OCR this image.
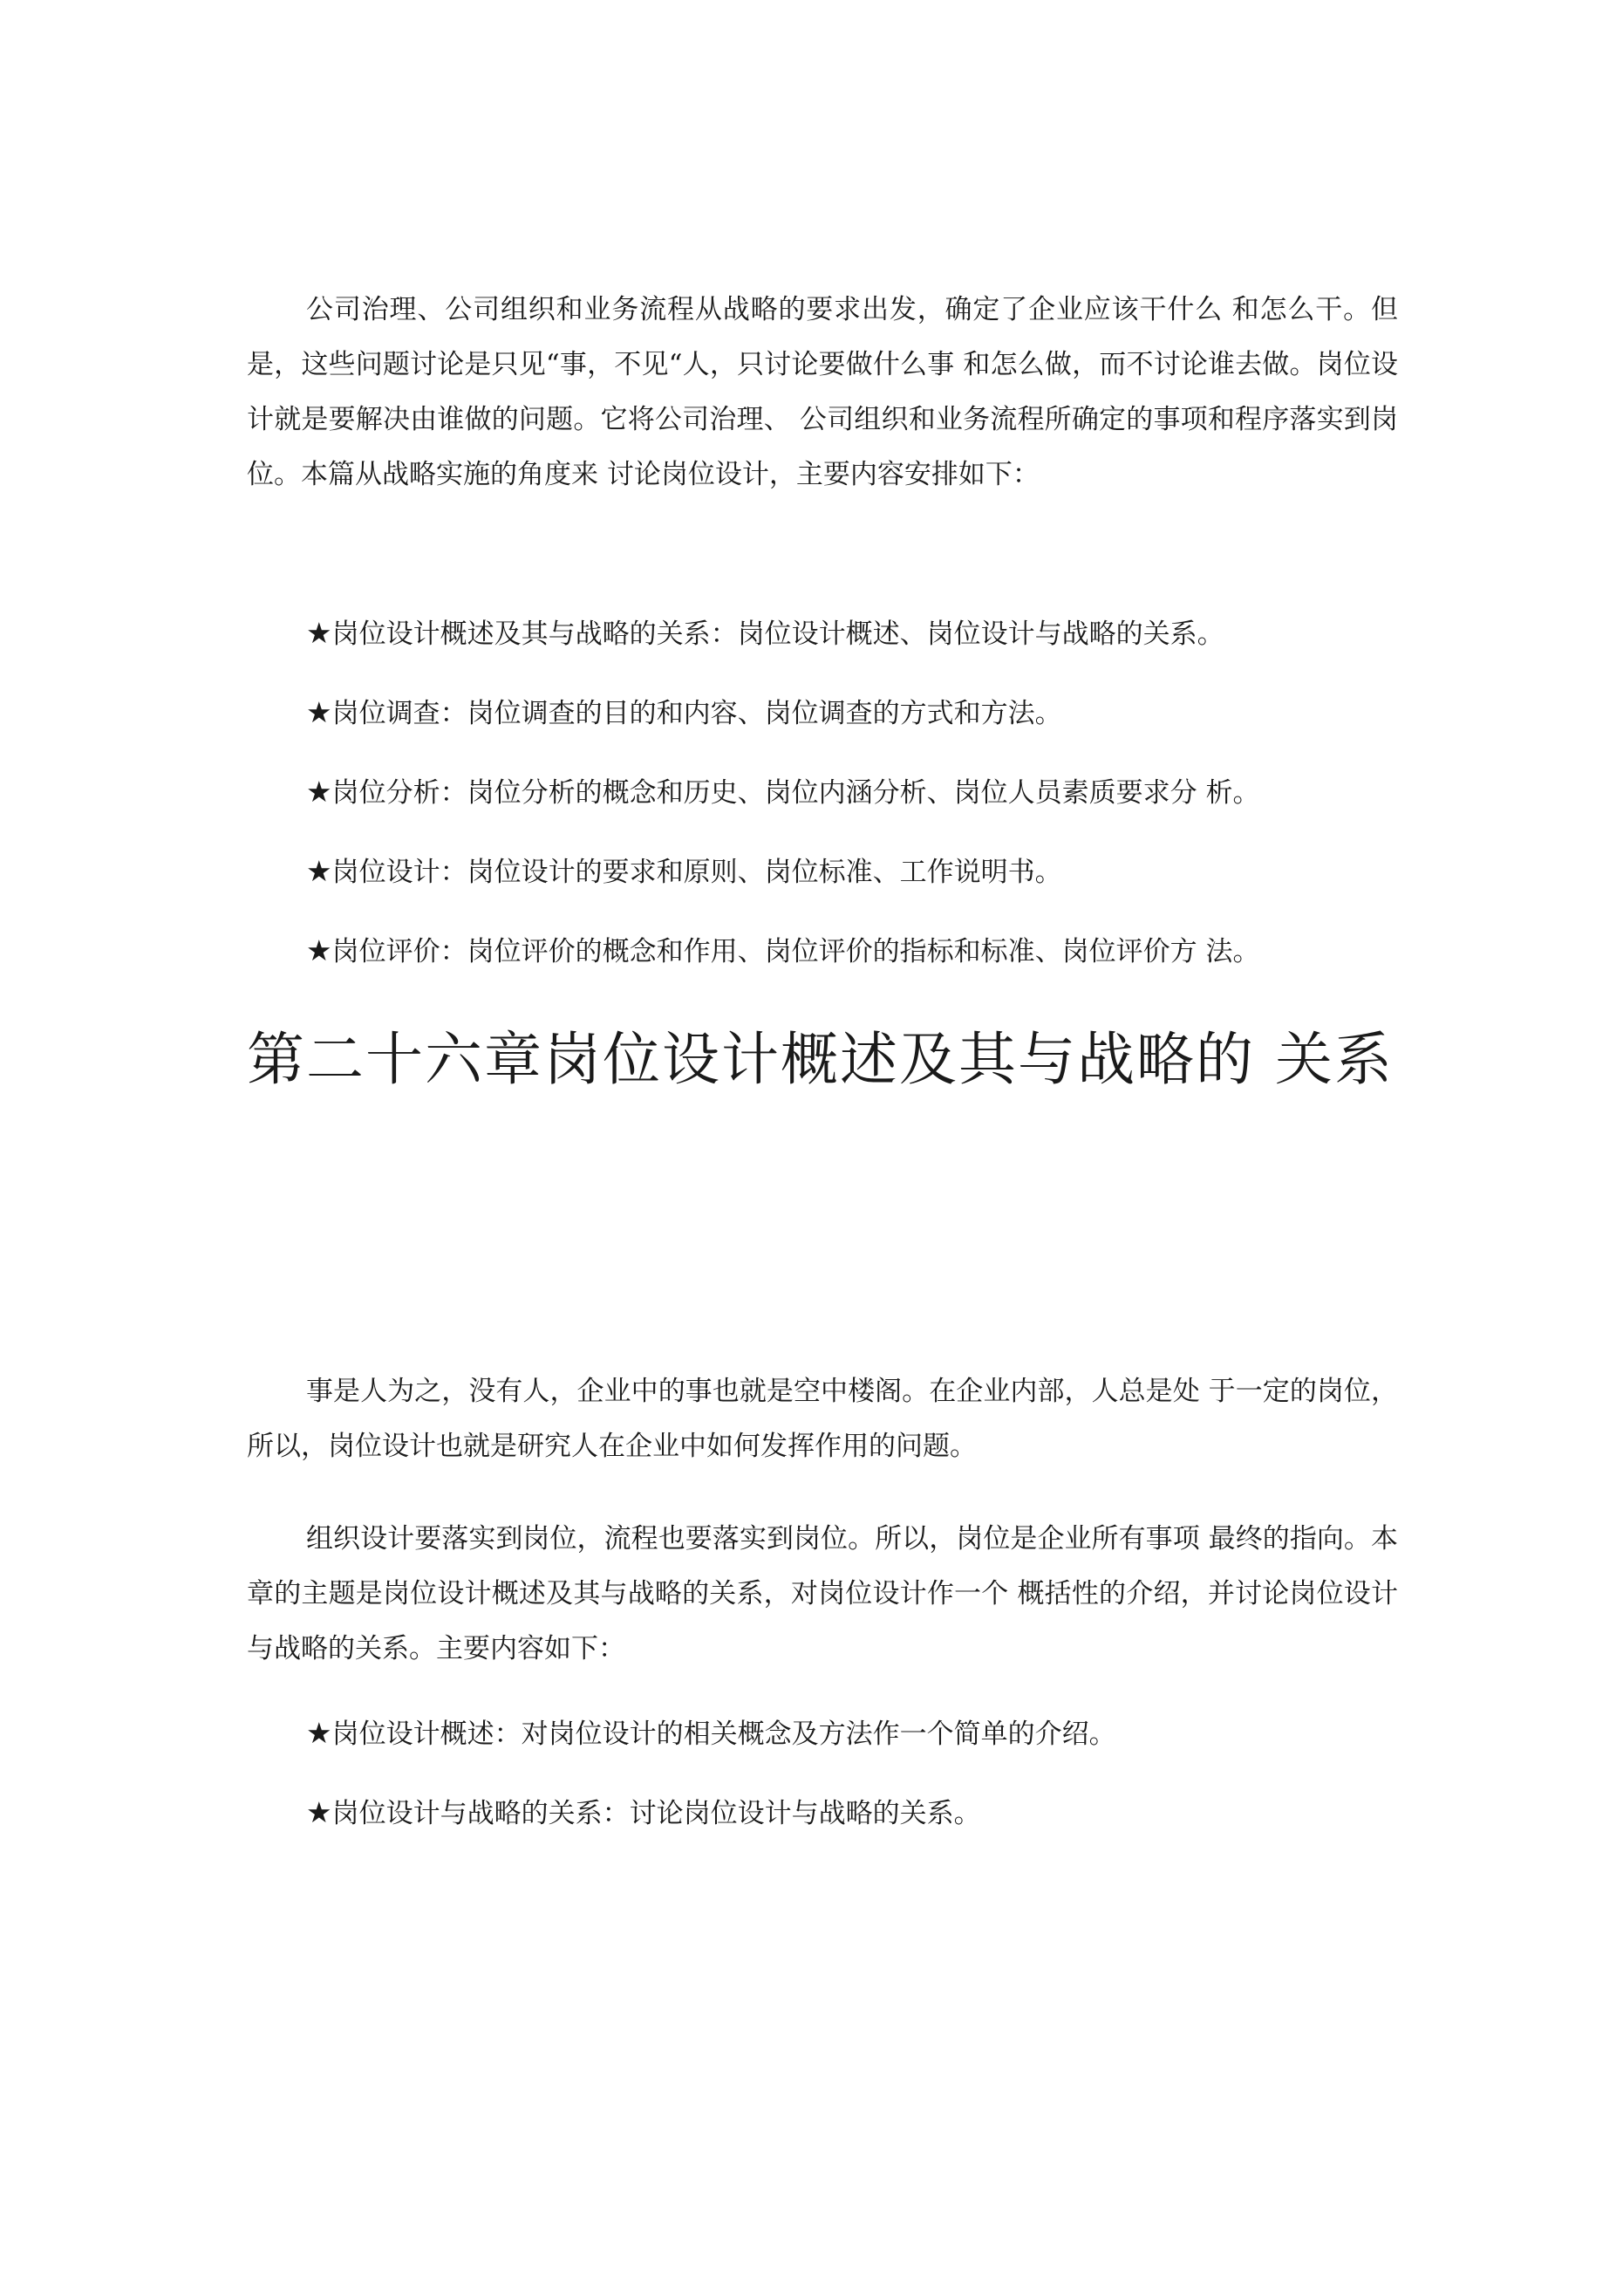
公司治理、公司组织和业务流程从战略的要求出发，确定了企业应该干什么 和怎么干。但是，这些问题讨论是只见“事，不见“人，只讨论要做什么事 和怎么做，而不讨论谁去做。岗位设计就是要解决由谁做的问题。它将公司治理、 公司组织和业务流程所确定的事项和程序落实到岗位。本篇从战略实施的角度来 讨论岗位设计，主要内容安排如下：

★岗位设计概述及其与战略的关系：岗位设计概述、岗位设计与战略的关系。

★岗位调查：岗位调查的目的和内容、岗位调查的方式和方法。

★岗位分析：岗位分析的概念和历史、岗位内涵分析、岗位人员素质要求分 析。

★岗位设计：岗位设计的要求和原则、岗位标准、工作说明书。

★岗位评价：岗位评价的概念和作用、岗位评价的指标和标准、岗位评价方 法。

第二十六章岗位设计概述及其与战略的 关系

事是人为之，没有人，企业中的事也就是空中楼阁。在企业内部，人总是处 于一定的岗位，所以，岗位设计也就是研究人在企业中如何发挥作用的问题。

组织设计要落实到岗位，流程也要落实到岗位。所以，岗位是企业所有事项 最终的指向。本章的主题是岗位设计概述及其与战略的关系，对岗位设计作一个 概括性的介绍，并讨论岗位设计与战略的关系。主要内容如下：

★岗位设计概述：对岗位设计的相关概念及方法作一个简单的介绍。

★岗位设计与战略的关系：讨论岗位设计与战略的关系。
